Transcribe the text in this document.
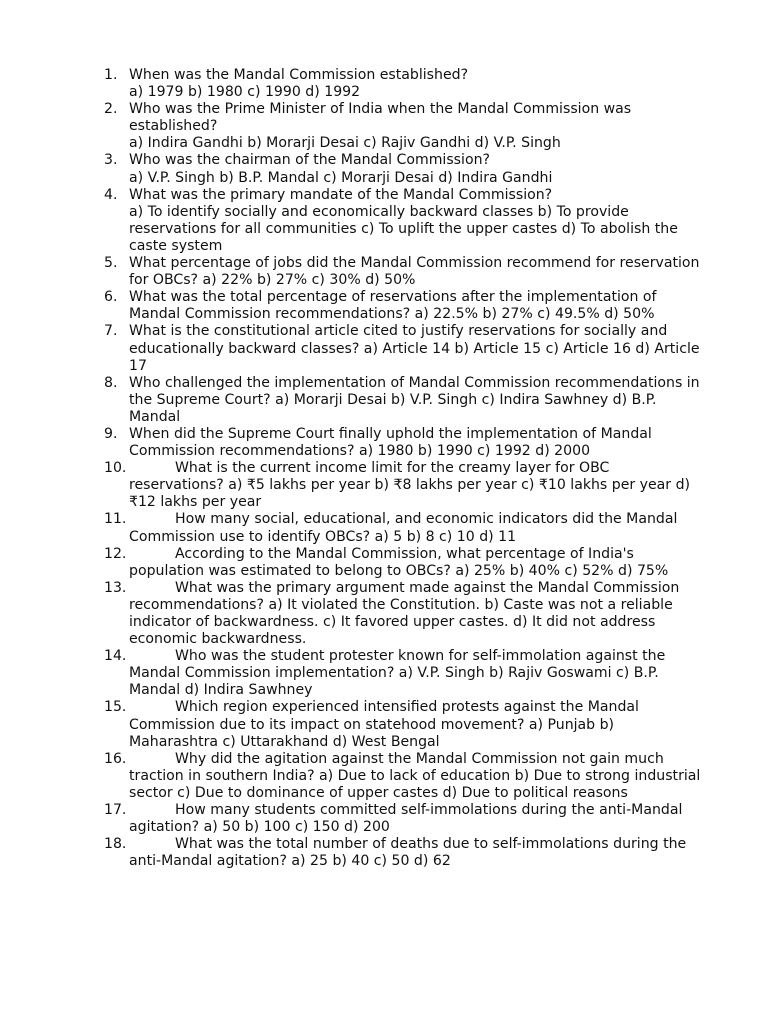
1. When was the Mandal Commission established?
a) 1979 b) 1980 c) 1990 d) 1992
2. Who was the Prime Minister of India when the Mandal Commission was established?
a) Indira Gandhi b) Morarji Desai c) Rajiv Gandhi d) V.P. Singh
3. Who was the chairman of the Mandal Commission?
a) V.P. Singh b) B.P. Mandal c) Morarji Desai d) Indira Gandhi
4. What was the primary mandate of the Mandal Commission?
a) To identify socially and economically backward classes b) To provide reservations for all communities c) To uplift the upper castes d) To abolish the caste system
5. What percentage of jobs did the Mandal Commission recommend for reservation for OBCs? a) 22% b) 27% c) 30% d) 50%
6. What was the total percentage of reservations after the implementation of Mandal Commission recommendations? a) 22.5% b) 27% c) 49.5% d) 50%
7. What is the constitutional article cited to justify reservations for socially and educationally backward classes? a) Article 14 b) Article 15 c) Article 16 d) Article 17
8. Who challenged the implementation of Mandal Commission recommendations in the Supreme Court? a) Morarji Desai b) V.P. Singh c) Indira Sawhney d) B.P. Mandal
9. When did the Supreme Court finally uphold the implementation of Mandal Commission recommendations? a) 1980 b) 1990 c) 1992 d) 2000
10.	What is the current income limit for the creamy layer for OBC reservations? a) ₹5 lakhs per year b) ₹8 lakhs per year c) ₹10 lakhs per year d) ₹12 lakhs per year
11.	How many social, educational, and economic indicators did the Mandal Commission use to identify OBCs? a) 5 b) 8 c) 10 d) 11
12.	According to the Mandal Commission, what percentage of India's population was estimated to belong to OBCs? a) 25% b) 40% c) 52% d) 75%
13.	What was the primary argument made against the Mandal Commission recommendations? a) It violated the Constitution. b) Caste was not a reliable indicator of backwardness. c) It favored upper castes. d) It did not address economic backwardness.
14.	Who was the student protester known for self-immolation against the Mandal Commission implementation? a) V.P. Singh b) Rajiv Goswami c) B.P. Mandal d) Indira Sawhney
15.	Which region experienced intensified protests against the Mandal Commission due to its impact on statehood movement? a) Punjab b) Maharashtra c) Uttarakhand d) West Bengal
16.	Why did the agitation against the Mandal Commission not gain much traction in southern India? a) Due to lack of education b) Due to strong industrial sector c) Due to dominance of upper castes d) Due to political reasons
17.	How many students committed self-immolations during the anti-Mandal agitation? a) 50 b) 100 c) 150 d) 200
18.	What was the total number of deaths due to self-immolations during the anti-Mandal agitation? a) 25 b) 40 c) 50 d) 62
